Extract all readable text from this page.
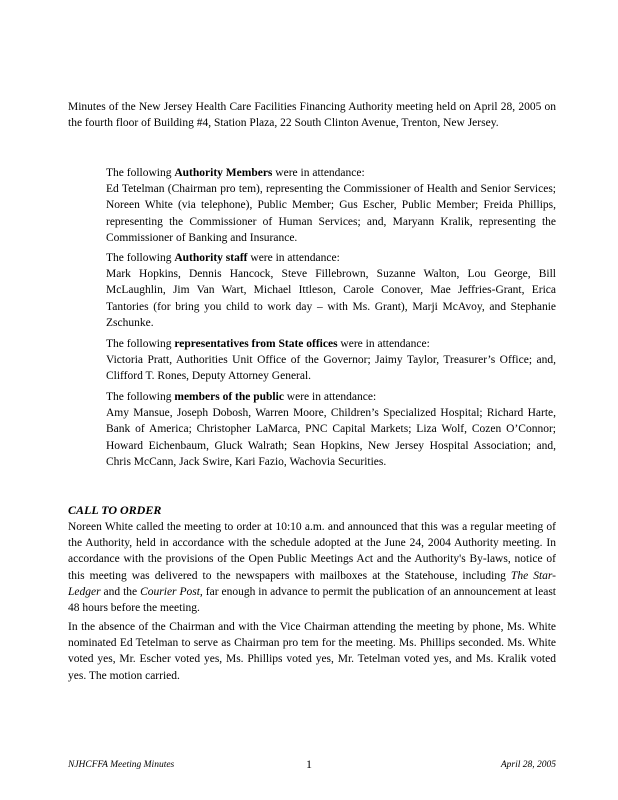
Minutes of the New Jersey Health Care Facilities Financing Authority meeting held on April 28, 2005 on the fourth floor of Building #4, Station Plaza, 22 South Clinton Avenue, Trenton, New Jersey.

The following Authority Members were in attendance:

Ed Tetelman (Chairman pro tem), representing the Commissioner of Health and Senior Services; Noreen White (via telephone), Public Member; Gus Escher, Public Member; Freida Phillips, representing the Commissioner of Human Services; and, Maryann Kralik, representing the Commissioner of Banking and Insurance.

The following Authority staff were in attendance:

Mark Hopkins, Dennis Hancock, Steve Fillebrown, Suzanne Walton, Lou George, Bill McLaughlin, Jim Van Wart, Michael Ittleson, Carole Conover, Mae Jeffries-Grant, Erica Tantories (for bring you child to work day – with Ms. Grant), Marji McAvoy, and Stephanie Zschunke.

The following representatives from State offices were in attendance:

Victoria Pratt, Authorities Unit Office of the Governor; Jaimy Taylor, Treasurer’s Office; and, Clifford T. Rones, Deputy Attorney General.

The following members of the public were in attendance:

Amy Mansue, Joseph Dobosh, Warren Moore, Children’s Specialized Hospital; Richard Harte, Bank of America; Christopher LaMarca, PNC Capital Markets; Liza Wolf, Cozen O’Connor; Howard Eichenbaum, Gluck Walrath; Sean Hopkins, New Jersey Hospital Association; and, Chris McCann, Jack Swire, Kari Fazio, Wachovia Securities.

CALL TO ORDER
Noreen White called the meeting to order at 10:10 a.m. and announced that this was a regular meeting of the Authority, held in accordance with the schedule adopted at the June 24, 2004 Authority meeting. In accordance with the provisions of the Open Public Meetings Act and the Authority's By-laws, notice of this meeting was delivered to the newspapers with mailboxes at the Statehouse, including The Star-Ledger and the Courier Post, far enough in advance to permit the publication of an announcement at least 48 hours before the meeting.
In the absence of the Chairman and with the Vice Chairman attending the meeting by phone, Ms. White nominated Ed Tetelman to serve as Chairman pro tem for the meeting. Ms. Phillips seconded. Ms. White voted yes, Mr. Escher voted yes, Ms. Phillips voted yes, Mr. Tetelman voted yes, and Ms. Kralik voted yes. The motion carried.
NJHCFFA Meeting Minutes	1	April 28, 2005
